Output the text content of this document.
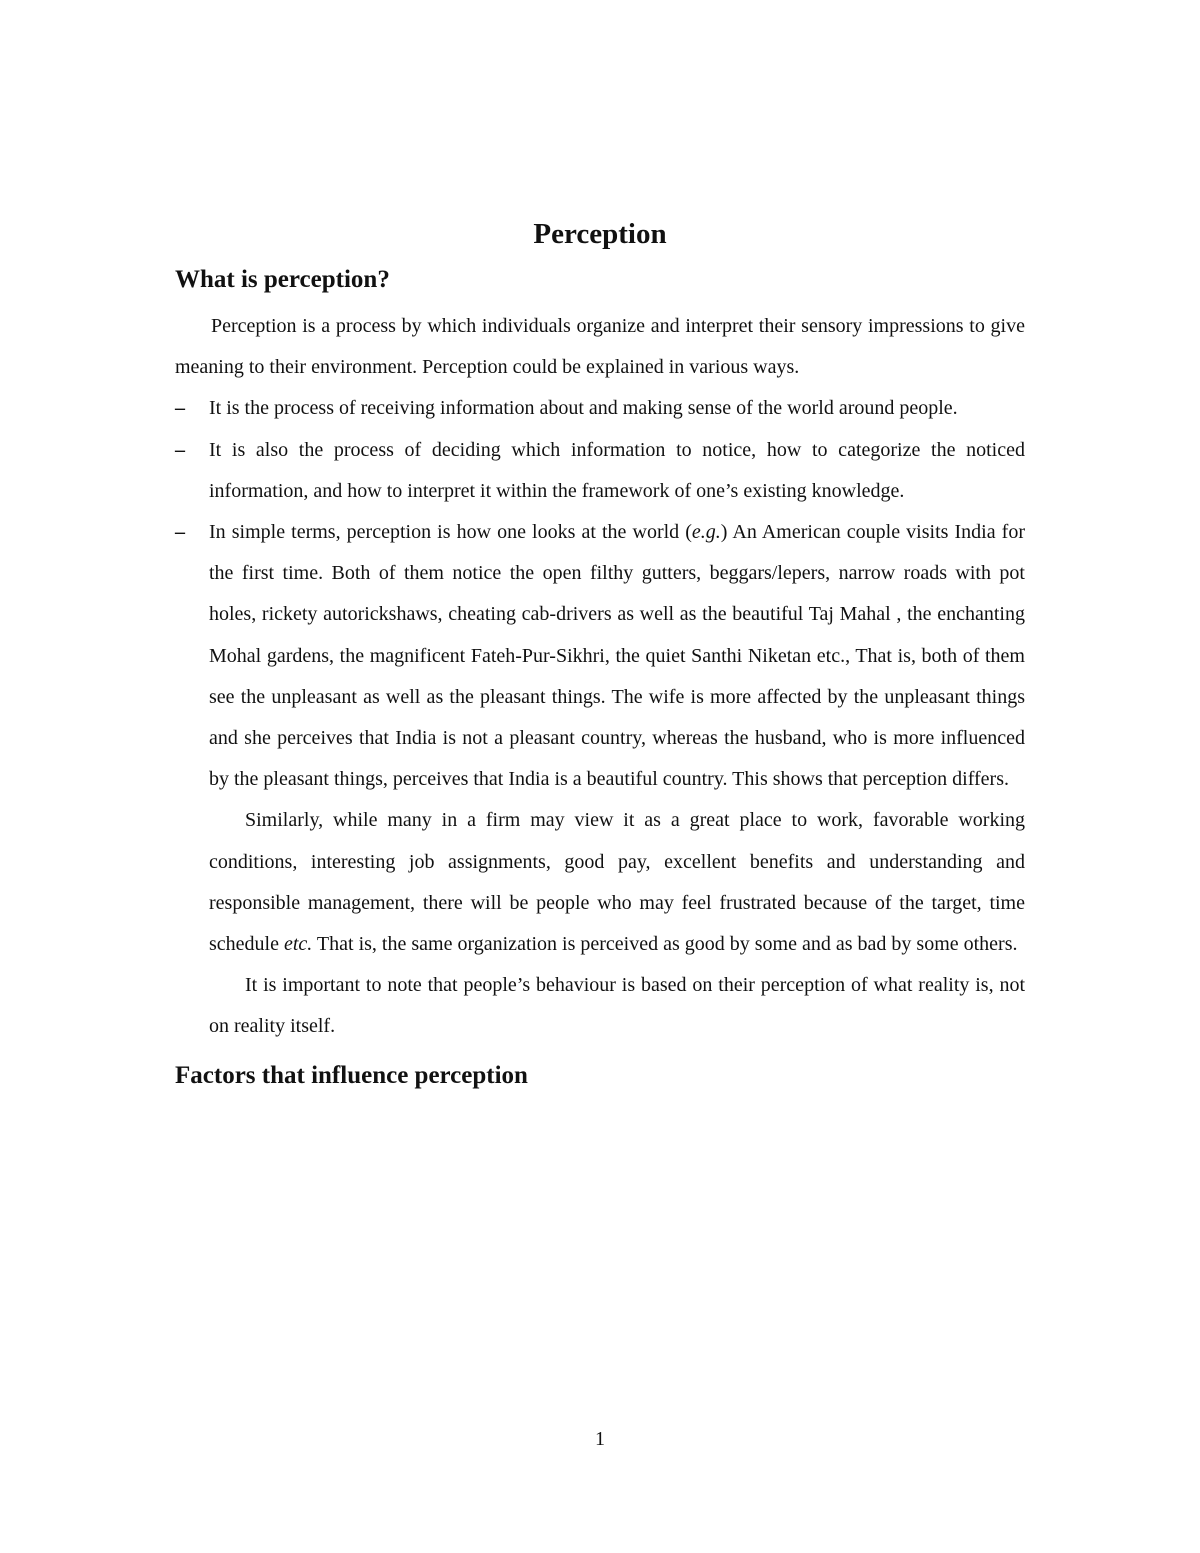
Perception
What is perception?

Perception is a process by which individuals organize and interpret their sensory impressions to give meaning to their environment. Perception could be explained in various ways.

– It is the process of receiving information about and making sense of the world around people.
– It is also the process of deciding which information to notice, how to categorize the noticed information, and how to interpret it within the framework of one’s existing knowledge.
– In simple terms, perception is how one looks at the world (e.g.) An American couple visits India for the first time. Both of them notice the open filthy gutters, beggars/lepers, narrow roads with pot holes, rickety autorickshaws, cheating cab-drivers as well as the beautiful Taj Mahal , the enchanting Mohal gardens, the magnificent Fateh-Pur-Sikhri, the quiet Santhi Niketan etc., That is, both of them see the unpleasant as well as the pleasant things. The wife is more affected by the unpleasant things and she perceives that India is not a pleasant country, whereas the husband, who is more influenced by the pleasant things, perceives that India is a beautiful country. This shows that perception differs.

Similarly, while many in a firm may view it as a great place to work, favorable working conditions, interesting job assignments, good pay, excellent benefits and understanding and responsible management, there will be people who may feel frustrated because of the target, time schedule etc. That is, the same organization is perceived as good by some and as bad by some others.

It is important to note that people’s behaviour is based on their perception of what reality is, not on reality itself.

Factors that influence perception
1
